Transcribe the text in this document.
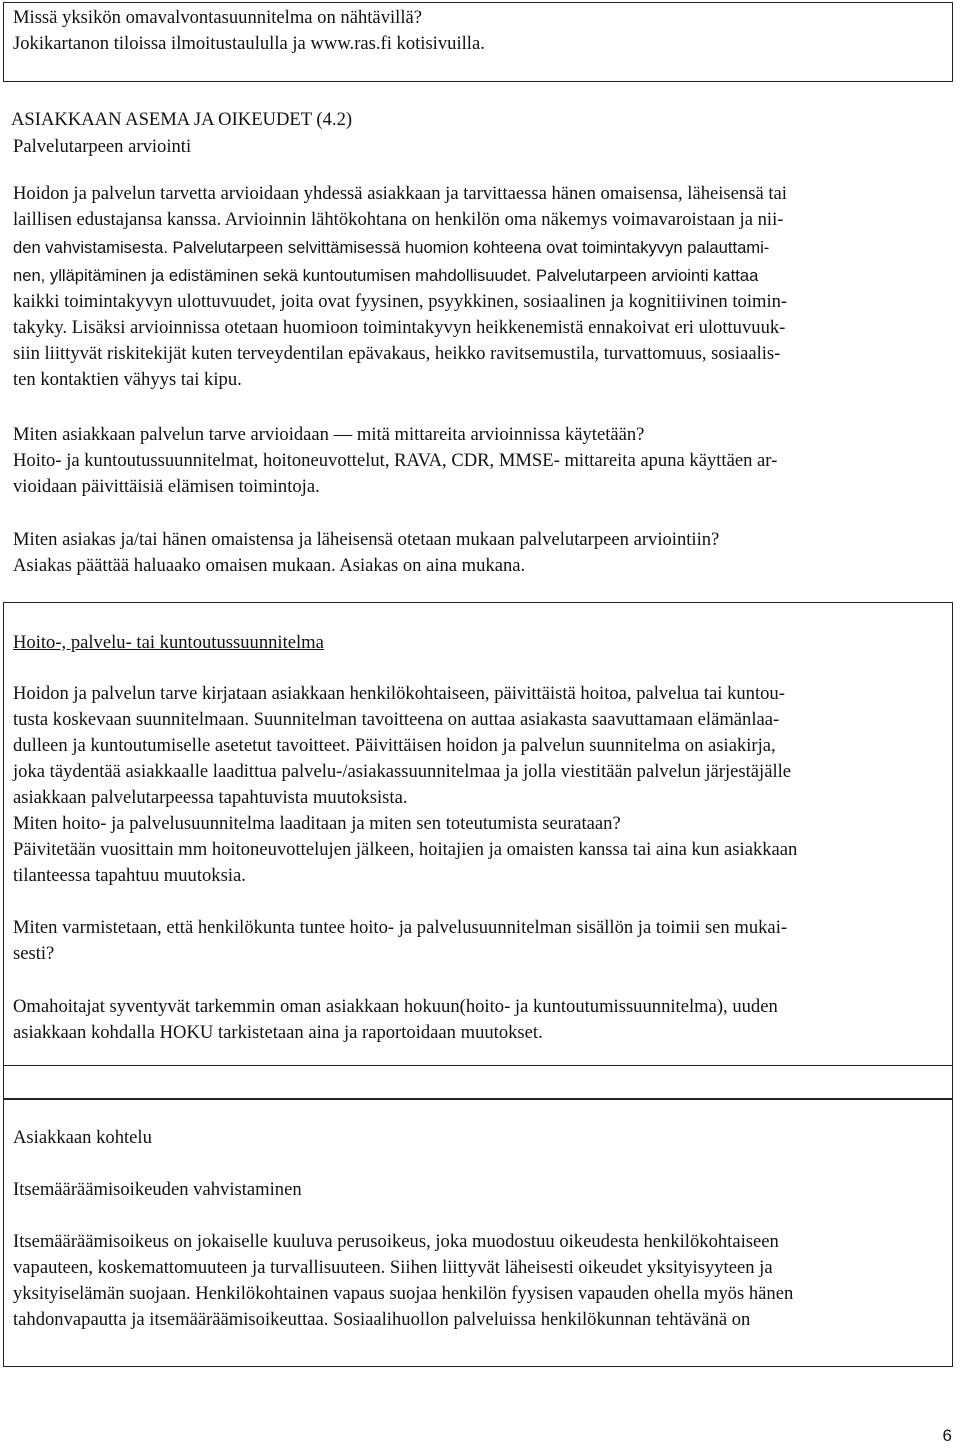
Missä yksikön omavalvontasuunnitelma on nähtävillä?
Jokikartanon tiloissa ilmoitustaululla ja www.ras.fi kotisivuilla.
ASIAKKAAN ASEMA JA OIKEUDET (4.2)
Palvelutarpeen arviointi
Hoidon ja palvelun tarvetta arvioidaan yhdessä asiakkaan ja tarvittaessa hänen omaisensa, läheisensä tai
laillisen edustajansa kanssa. Arvioinnin lähtökohtana on henkilön oma näkemys voimavaroistaan ja nii-
den vahvistamisesta. Palvelutarpeen selvittämisessä huomion kohteena ovat toimintakyvyn palauttami-
nen, ylläpitäminen ja edistäminen sekä kuntoutumisen mahdollisuudet. Palvelutarpeen arviointi kattaa
kaikki toimintakyvyn ulottuvuudet, joita ovat fyysinen, psyykkinen, sosiaalinen ja kognitiivinen toimin-
takyky. Lisäksi arvioinnissa otetaan huomioon toimintakyvyn heikkenemistä ennakoivat eri ulottuvuuk-
siin liittyvät riskitekijät kuten terveydentilan epävakaus, heikko ravitsemustila, turvattomuus, sosiaalis-
ten kontaktien vähyys tai kipu.
Miten asiakkaan palvelun tarve arvioidaan — mitä mittareita arvioinnissa käytetään?
Hoito- ja kuntoutussuunnitelmat, hoitoneuvottelut, RAVA, CDR, MMSE- mittareita apuna käyttäen ar-
vioidaan päivittäisiä elämisen toimintoja.
Miten asiakas ja/tai hänen omaistensa ja läheisensä otetaan mukaan palvelutarpeen arviointiin?
Asiakas päättää haluaako omaisen mukaan. Asiakas on aina mukana.
Hoito-, palvelu- tai kuntoutussuunnitelma
Hoidon ja palvelun tarve kirjataan asiakkaan henkilökohtaiseen, päivittäistä hoitoa, palvelua tai kuntou-
tusta koskevaan suunnitelmaan. Suunnitelman tavoitteena on auttaa asiakasta saavuttamaan elämänlaa-
dulleen ja kuntoutumiselle asetetut tavoitteet. Päivittäisen hoidon ja palvelun suunnitelma on asiakirja,
joka täydentää asiakkaalle laadittua palvelu-/asiakassuunnitelmaa ja jolla viestitään palvelun järjestäjälle
asiakkaan palvelutarpeessa tapahtuvista muutoksista.
Miten hoito- ja palvelusuunnitelma laaditaan ja miten sen toteutumista seurataan?
Päivitetään vuosittain mm hoitoneuvottelujen jälkeen, hoitajien ja omaisten kanssa tai aina kun asiakkaan
tilanteessa tapahtuu muutoksia.
Miten varmistetaan, että henkilökunta tuntee hoito- ja palvelusuunnitelman sisällön ja toimii sen mukai-
sesti?
Omahoitajat syventyvät tarkemmin oman asiakkaan hokuun(hoito- ja kuntoutumissuunnitelma), uuden
asiakkaan kohdalla HOKU tarkistetaan aina ja raportoidaan muutokset.
Asiakkaan kohtelu
Itsemääräämisoikeuden vahvistaminen
Itsemääräämisoikeus on jokaiselle kuuluva perusoikeus, joka muodostuu oikeudesta henkilökohtaiseen
vapauteen, koskemattomuuteen ja turvallisuuteen. Siihen liittyvät läheisesti oikeudet yksityisyyteen ja
yksityiselämän suojaan. Henkilökohtainen vapaus suojaa henkilön fyysisen vapauden ohella myös hänen
tahdonvapautta ja itsemääräämisoikeuttaa. Sosiaalihuollon palveluissa henkilökunnan tehtävänä on
6
